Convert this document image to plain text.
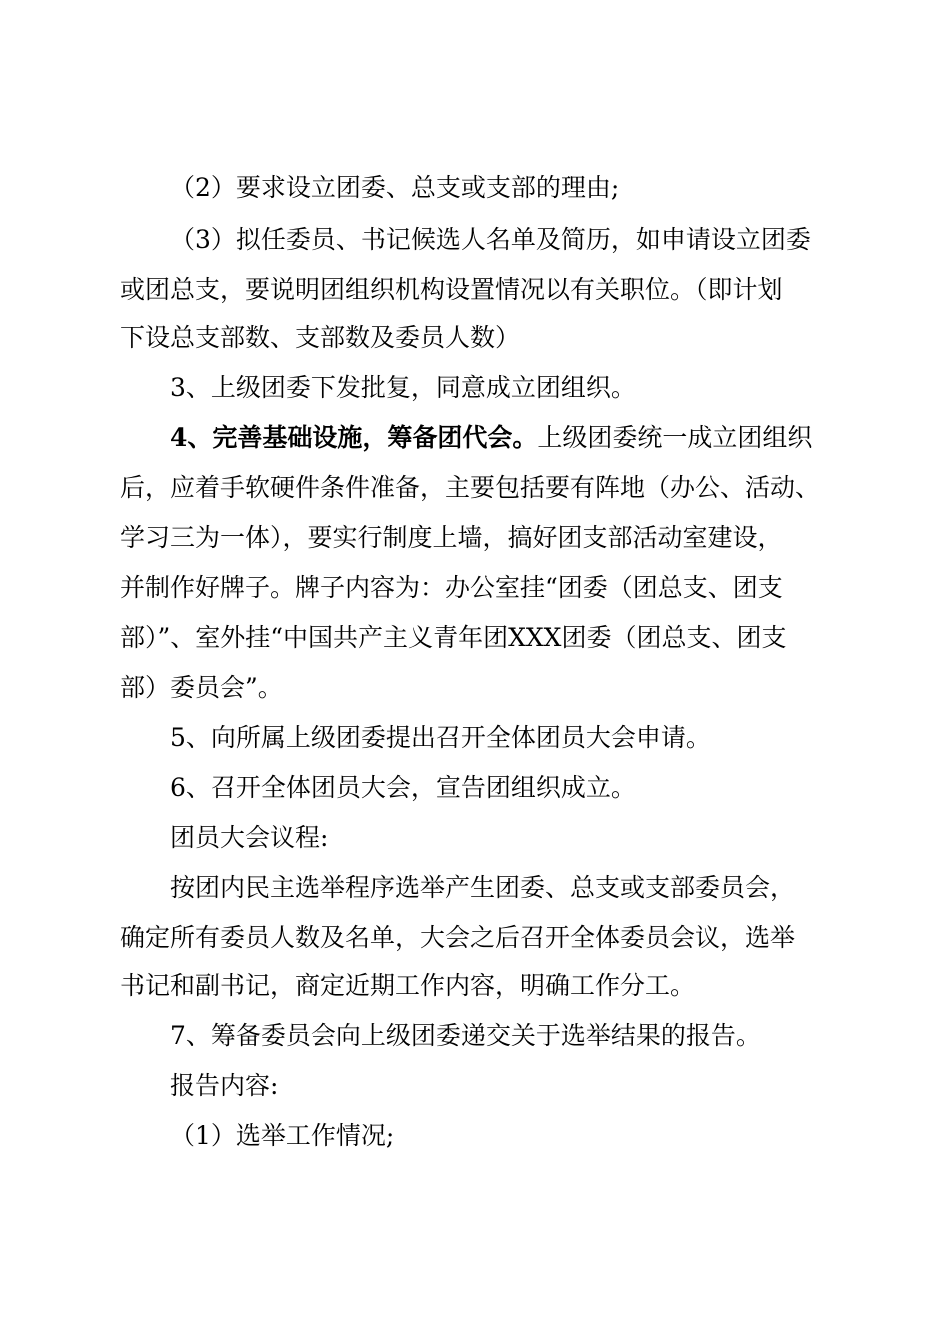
（2）要求设立团委、总支或支部的理由;
（3）拟任委员、书记候选人名单及简历，如申请设立团委
或团总支，要说明团组织机构设置情况以有关职位。（即计划
下设总支部数、支部数及委员人数）
3、上级团委下发批复，同意成立团组织。
4、完善基础设施，筹备团代会。上级团委统一成立团组织
后，应着手软硬件条件准备，主要包括要有阵地（办公、活动、
学习三为一体），要实行制度上墙，搞好团支部活动室建设，
并制作好牌子。牌子内容为：办公室挂“团委（团总支、团支
部）”、室外挂“中国共产主义青年团XXX团委（团总支、团支
部）委员会”。
5、向所属上级团委提出召开全体团员大会申请。
6、召开全体团员大会，宣告团组织成立。
团员大会议程:
按团内民主选举程序选举产生团委、总支或支部委员会，
确定所有委员人数及名单，大会之后召开全体委员会议，选举
书记和副书记，商定近期工作内容，明确工作分工。
7、筹备委员会向上级团委递交关于选举结果的报告。
报告内容:
（1）选举工作情况;
